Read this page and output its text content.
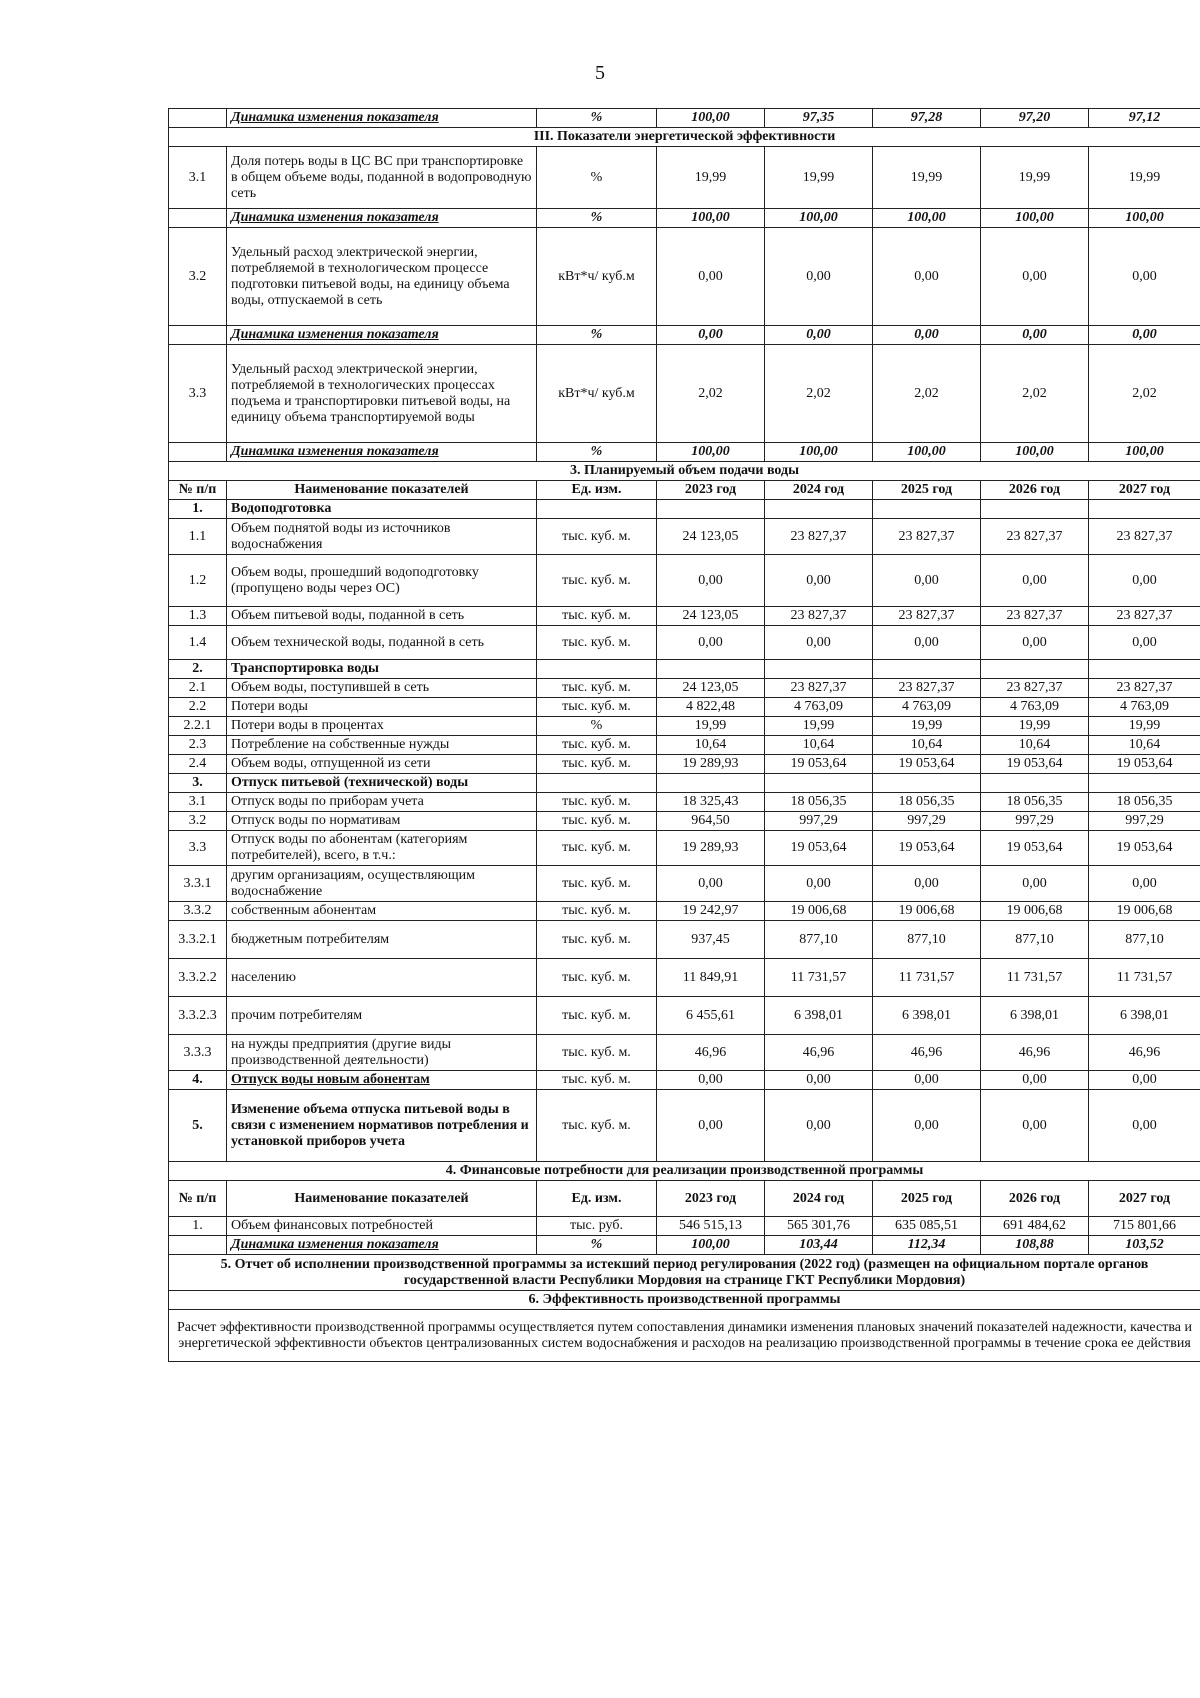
5
	Динамика изменения показателя	%	100,00	97,35	97,28	97,20	97,12
III. Показатели энергетической эффективности							
3.1	Доля потерь воды в ЦС ВС при транспортировке в общем объеме воды, поданной в водопроводную сеть	%	19,99	19,99	19,99	19,99	19,99
	Динамика изменения показателя	%	100,00	100,00	100,00	100,00	100,00
3.2	Удельный расход электрической энергии, потребляемой в технологическом процессе подготовки питьевой воды, на единицу объема воды, отпускаемой в сеть	кВт*ч/ куб.м	0,00	0,00	0,00	0,00	0,00
	Динамика изменения показателя	%	0,00	0,00	0,00	0,00	0,00
3.3	Удельный расход электрической энергии, потребляемой в технологических процессах подъема и транспортировки питьевой воды, на единицу объема транспортируемой воды	кВт*ч/ куб.м	2,02	2,02	2,02	2,02	2,02
	Динамика изменения показателя	%	100,00	100,00	100,00	100,00	100,00
3. Планируемый объем подачи воды							
№ п/п	Наименование показателей	Ед. изм.	2023 год	2024 год	2025 год	2026 год	2027 год
1.	Водоподготовка						
1.1	Объем поднятой воды из источников водоснабжения	тыс. куб. м.	24 123,05	23 827,37	23 827,37	23 827,37	23 827,37
1.2	Объем воды, прошедший водоподготовку (пропущено воды через ОС)	тыс. куб. м.	0,00	0,00	0,00	0,00	0,00
1.3	Объем питьевой воды, поданной в сеть	тыс. куб. м.	24 123,05	23 827,37	23 827,37	23 827,37	23 827,37
1.4	Объем технической воды, поданной в сеть	тыс. куб. м.	0,00	0,00	0,00	0,00	0,00
2.	Транспортировка воды						
2.1	Объем воды, поступившей в сеть	тыс. куб. м.	24 123,05	23 827,37	23 827,37	23 827,37	23 827,37
2.2	Потери воды	тыс. куб. м.	4 822,48	4 763,09	4 763,09	4 763,09	4 763,09
2.2.1	Потери воды в процентах	%	19,99	19,99	19,99	19,99	19,99
2.3	Потребление на собственные нужды	тыс. куб. м.	10,64	10,64	10,64	10,64	10,64
2.4	Объем воды, отпущенной из сети	тыс. куб. м.	19 289,93	19 053,64	19 053,64	19 053,64	19 053,64
3.	Отпуск питьевой (технической) воды						
3.1	Отпуск воды по приборам учета	тыс. куб. м.	18 325,43	18 056,35	18 056,35	18 056,35	18 056,35
3.2	Отпуск воды по нормативам	тыс. куб. м.	964,50	997,29	997,29	997,29	997,29
3.3	Отпуск воды по абонентам (категориям потребителей), всего, в т.ч.:	тыс. куб. м.	19 289,93	19 053,64	19 053,64	19 053,64	19 053,64
3.3.1	другим организациям, осуществляющим водоснабжение	тыс. куб. м.	0,00	0,00	0,00	0,00	0,00
3.3.2	собственным абонентам	тыс. куб. м.	19 242,97	19 006,68	19 006,68	19 006,68	19 006,68
3.3.2.1	бюджетным потребителям	тыс. куб. м.	937,45	877,10	877,10	877,10	877,10
3.3.2.2	населению	тыс. куб. м.	11 849,91	11 731,57	11 731,57	11 731,57	11 731,57
3.3.2.3	прочим потребителям	тыс. куб. м.	6 455,61	6 398,01	6 398,01	6 398,01	6 398,01
3.3.3	на нужды предприятия (другие виды производственной деятельности)	тыс. куб. м.	46,96	46,96	46,96	46,96	46,96
4.	Отпуск воды новым абонентам	тыс. куб. м.	0,00	0,00	0,00	0,00	0,00
5.	Изменение объема отпуска питьевой воды в связи с изменением нормативов потребления и установкой приборов учета	тыс. куб. м.	0,00	0,00	0,00	0,00	0,00
4. Финансовые потребности для реализации производственной программы							
№ п/п	Наименование показателей	Ед. изм.	2023 год	2024 год	2025 год	2026 год	2027 год
1.	Объем финансовых потребностей	тыс. руб.	546 515,13	565 301,76	635 085,51	691 484,62	715 801,66
	Динамика изменения показателя	%	100,00	103,44	112,34	108,88	103,52
5. Отчет об исполнении производственной программы за истекший период регулирования (2022 год) (размещен на официальном портале органов государственной власти Республики Мордовия на странице ГКТ Республики Мордовия)							
6. Эффективность производственной программы							
Расчет эффективности производственной программы осуществляется путем сопоставления динамики изменения плановых значений показателей надежности, качества и энергетической эффективности объектов централизованных систем водоснабжения и расходов на реализацию производственной программы в течение срока ее действия							
